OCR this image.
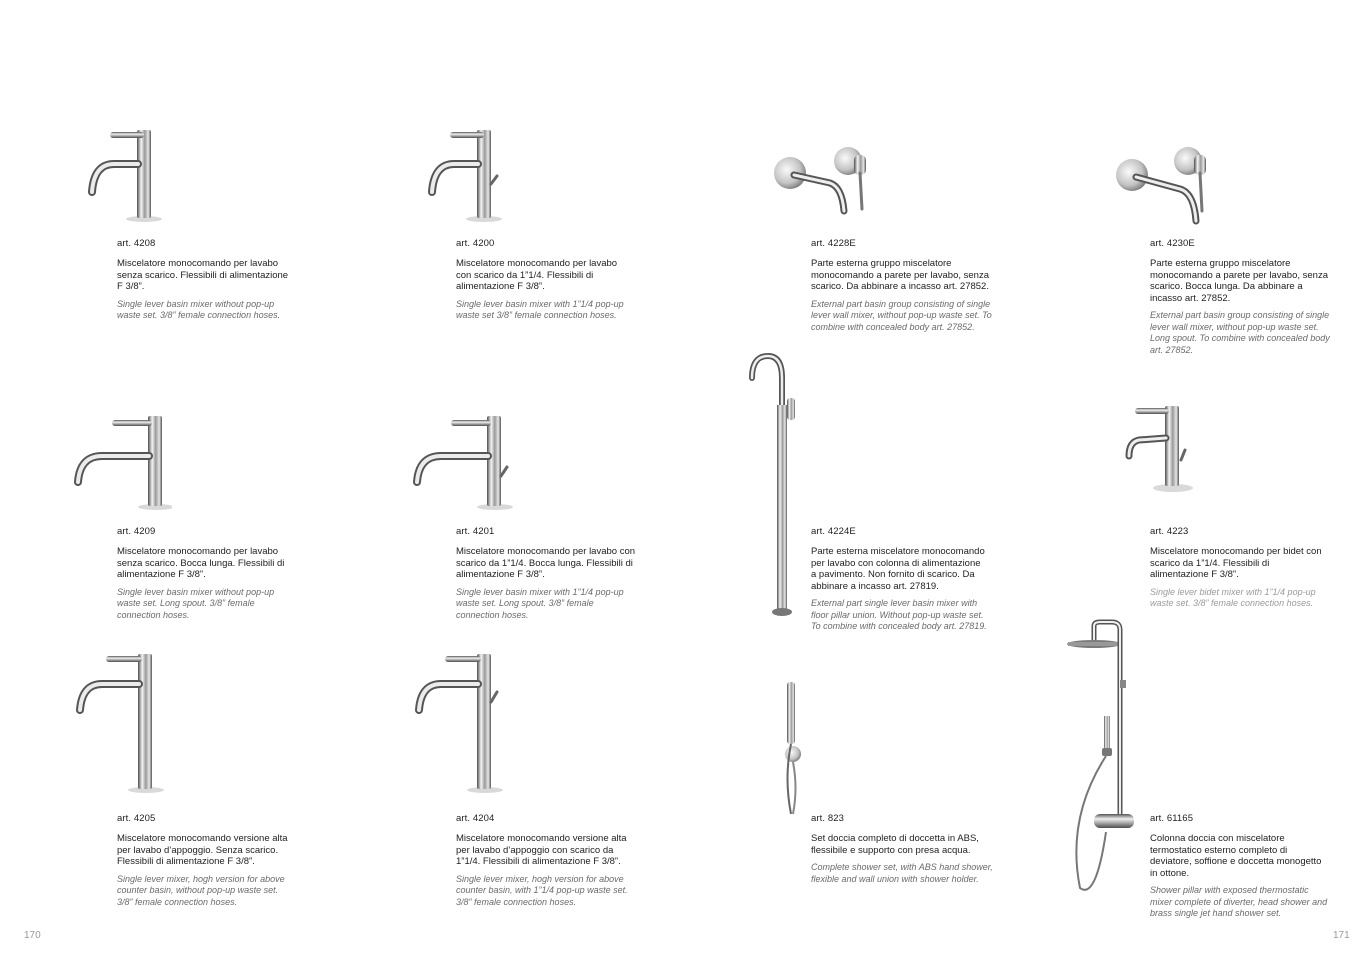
art. 4208
Miscelatore monocomando per lavabo senza scarico. Flessibili di alimentazione F 3/8”.
Single lever basin mixer without pop-up waste set. 3/8” female connection hoses.
art. 4200
Miscelatore monocomando per lavabo con scarico da 1”1/4. Flessibili di alimentazione F 3/8”.
Single lever basin mixer with 1”1/4 pop-up waste set 3/8” female connection hoses.
art. 4228E
Parte esterna gruppo miscelatore monocomando a parete per lavabo, senza scarico. Da abbinare a incasso art. 27852.
External part basin group consisting of single lever wall mixer, without pop-up waste set. To combine with concealed body art. 27852.
art. 4230E
Parte esterna gruppo miscelatore monocomando a parete per lavabo, senza scarico. Bocca lunga. Da abbinare a incasso art. 27852.
External part basin group consisting of single lever wall mixer, without pop-up waste set. Long spout. To combine with concealed body art. 27852.
art. 4209
Miscelatore monocomando per lavabo senza scarico. Bocca lunga. Flessibili di alimentazione F 3/8”.
Single lever basin mixer without pop-up waste set. Long spout. 3/8” female connection hoses.
art. 4201
Miscelatore monocomando per lavabo con scarico da 1”1/4. Bocca lunga. Flessibili di alimentazione F 3/8”.
Single lever basin mixer with 1”1/4 pop-up waste set. Long spout. 3/8” female connection hoses.
art. 4224E
Parte esterna miscelatore monocomando per lavabo con colonna di alimentazione a pavimento. Non fornito di scarico. Da abbinare a incasso art. 27819.
External part single lever basin mixer with floor pillar union. Without pop-up waste set. To combine with concealed body art. 27819.
art. 4223
Miscelatore monocomando per bidet con scarico da 1”1/4. Flessibili di alimentazione F 3/8”.
Single lever bidet mixer with 1”1/4 pop-up waste set. 3/8” female connection hoses.
art. 4205
Miscelatore monocomando versione alta per lavabo d’appoggio. Senza scarico. Flessibili di alimentazione F 3/8”.
Single lever mixer, hogh version for above counter basin, without pop-up waste set. 3/8” female connection hoses.
art. 4204
Miscelatore monocomando versione alta per lavabo d’appoggio con scarico da 1”1/4. Flessibili di alimentazione F 3/8”.
Single lever mixer, hogh version for above counter basin, with 1”1/4 pop-up waste set. 3/8” female connection hoses.
art. 823
Set doccia completo di doccetta in ABS, flessibile e supporto con presa acqua.
Complete shower set, with ABS hand shower, flexible and wall union with shower holder.
art. 61165
Colonna doccia con miscelatore termostatico esterno completo di deviatore, soffione e doccetta monogetto in ottone.
Shower pillar with exposed thermostatic mixer complete of diverter, head shower and brass single jet hand shower set.
170	171
